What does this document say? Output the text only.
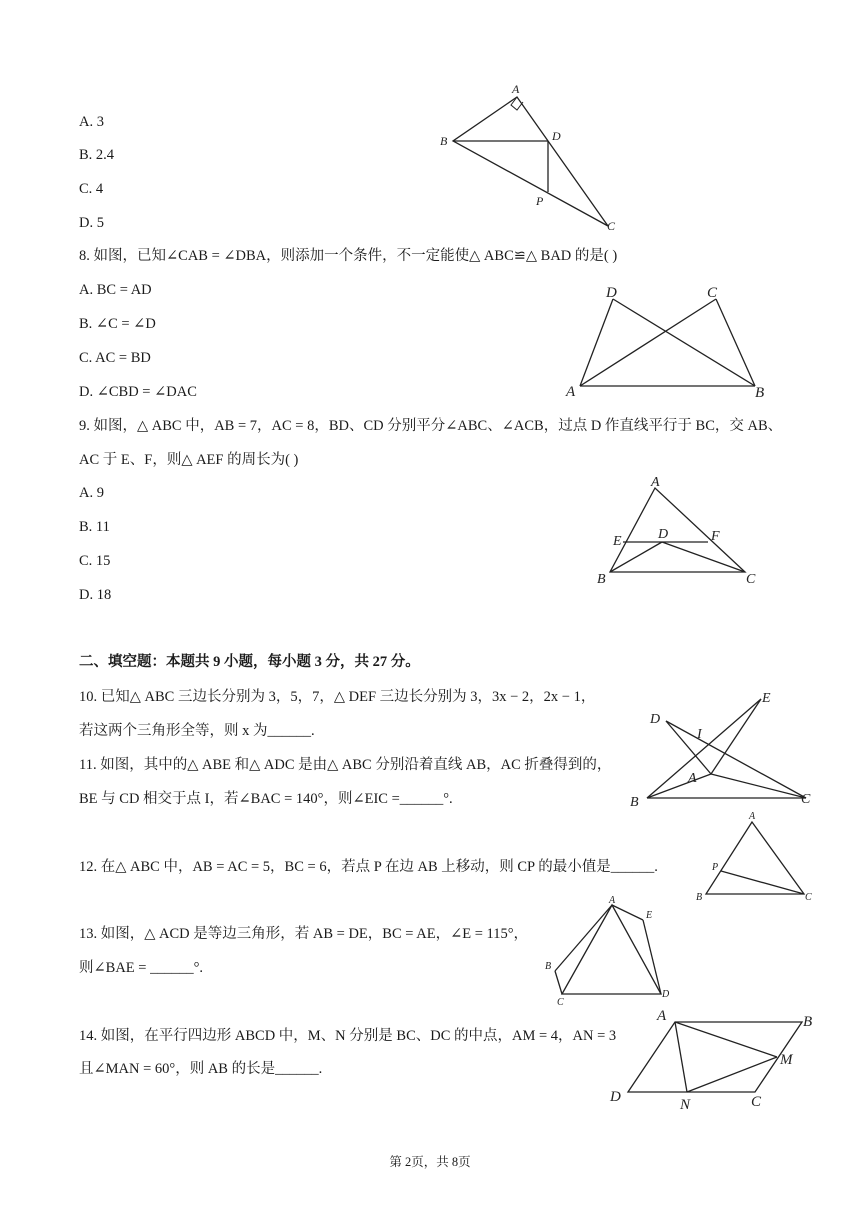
A. 3
B. 2.4
C. 4
D. 5
A
B	D
P
C
8. 如图，已知∠CAB = ∠DBA，则添加一个条件，不一定能使△ ABC≌△ BAD 的是( )
A. BC = AD
B. ∠C = ∠D
C. AC = BD
D. ∠CBD = ∠DAC
D	C
A	B
9. 如图，△ ABC 中，AB = 7，AC = 8，BD、CD 分别平分∠ABC、∠ACB，过点 D 作直线平行于 BC，交 AB、
AC 于 E、F，则△ AEF 的周长为( )
A. 9
B. 11
C. 15
D. 18
A
E	D	F
B	C
二、填空题：本题共 9 小题，每小题 3 分，共 27 分。
10. 已知△ ABC 三边长分别为 3，5，7，△ DEF 三边长分别为 3，3x − 2，2x − 1，
若这两个三角形全等，则 x 为______.
11. 如图，其中的△ ABE 和△ ADC 是由△ ABC 分别沿着直线 AB，AC 折叠得到的，
BE 与 CD 相交于点 I，若∠BAC = 140°，则∠EIC =______°.
D
E
I
A
B	C
12. 在△ ABC 中，AB = AC = 5，BC = 6，若点 P 在边 AB 上移动，则 CP 的最小值是______.
A
P
B	C
13. 如图，△ ACD 是等边三角形，若 AB = DE，BC = AE，∠E = 115°，
则∠BAE = ______°.
A
E
B
C
D
14. 如图，在平行四边形 ABCD 中，M、N 分别是 BC、DC 的中点，AM = 4，AN = 3
且∠MAN = 60°，则 AB 的长是______.
A	B
M
C
N
D
第 2页，共 8页
